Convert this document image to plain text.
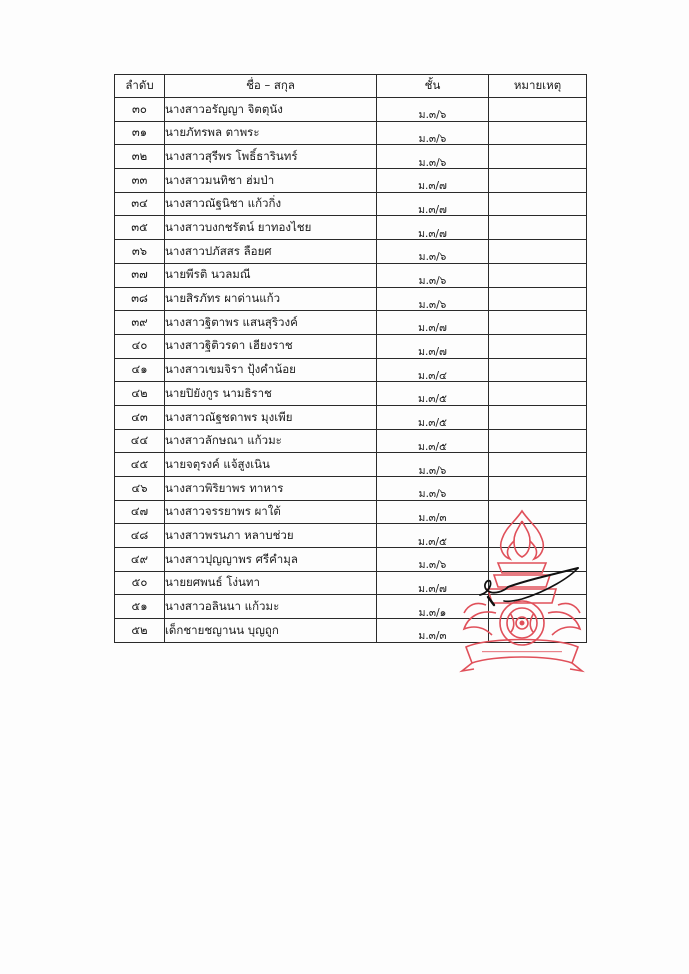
ลำดับ	ชื่อ – สกุล	ชั้น	หมายเหตุ
๓๐	นางสาวอรัญญา จิตตุนัง	ม.๓/๖	
๓๑	นายภัทรพล ตาพระ	ม.๓/๖	
๓๒	นางสาวสุรีพร โพธิ์ธารินทร์	ม.๓/๖	
๓๓	นางสาวมนทิชา ฮ่มป่า	ม.๓/๗	
๓๔	นางสาวณัฐนิชา แก้วกิ่ง	ม.๓/๗	
๓๕	นางสาวบงกชรัตน์ ยาทองไชย	ม.๓/๗	
๓๖	นางสาวปภัสสร ลือยศ	ม.๓/๖	
๓๗	นายพีรติ นวลมณี	ม.๓/๖	
๓๘	นายสิรภัทร ผาด่านแก้ว	ม.๓/๖	
๓๙	นางสาวฐิตาพร แสนสุริวงค์	ม.๓/๗	
๔๐	นางสาวฐิติวรดา เฮียงราช	ม.๓/๗	
๔๑	นางสาวเขมจิรา ปุ้งคำน้อย	ม.๓/๔	
๔๒	นายปิยังกูร นามธิราช	ม.๓/๕	
๔๓	นางสาวณัฐชดาพร มุงเพีย	ม.๓/๕	
๔๔	นางสาวลักษณา แก้วมะ	ม.๓/๕	
๔๕	นายจตุรงค์ แจ้สูงเนิน	ม.๓/๖	
๔๖	นางสาวพิริยาพร ทาหาร	ม.๓/๖	
๔๗	นางสาวจรรยาพร ผาใต้	ม.๓/๓	
๔๘	นางสาวพรนภา หลาบช่วย	ม.๓/๕	
๔๙	นางสาวปุญญาพร ศรีคำมุล	ม.๓/๖	
๕๐	นายยศพนธ์ โง่นทา	ม.๓/๗	
๕๑	นางสาวอลินนา แก้วมะ	ม.๓/๑	
๕๒	เด็กชายชญานน บุญถูก	ม.๓/๓	
